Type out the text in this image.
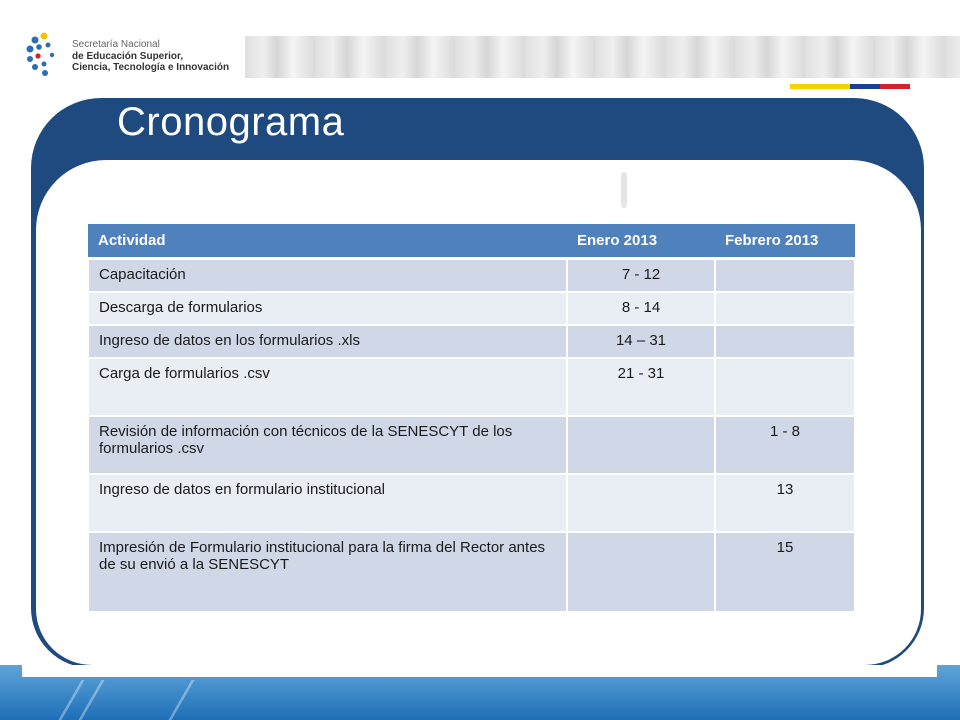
Secretaría Nacional
de Educación Superior,
Ciencia, Tecnología e Innovación
Cronograma
Actividad	Enero 2013	Febrero 2013
Capacitación	7 - 12	
Descarga de formularios	8 - 14	
Ingreso de datos en los formularios .xls	14 – 31	
Carga de formularios .csv	21 - 31	
Revisión de información con técnicos de la SENESCYT de los formularios .csv		1 - 8
Ingreso de datos en formulario institucional		13
Impresión de Formulario institucional para la firma del Rector antes de su envió a la SENESCYT		15
